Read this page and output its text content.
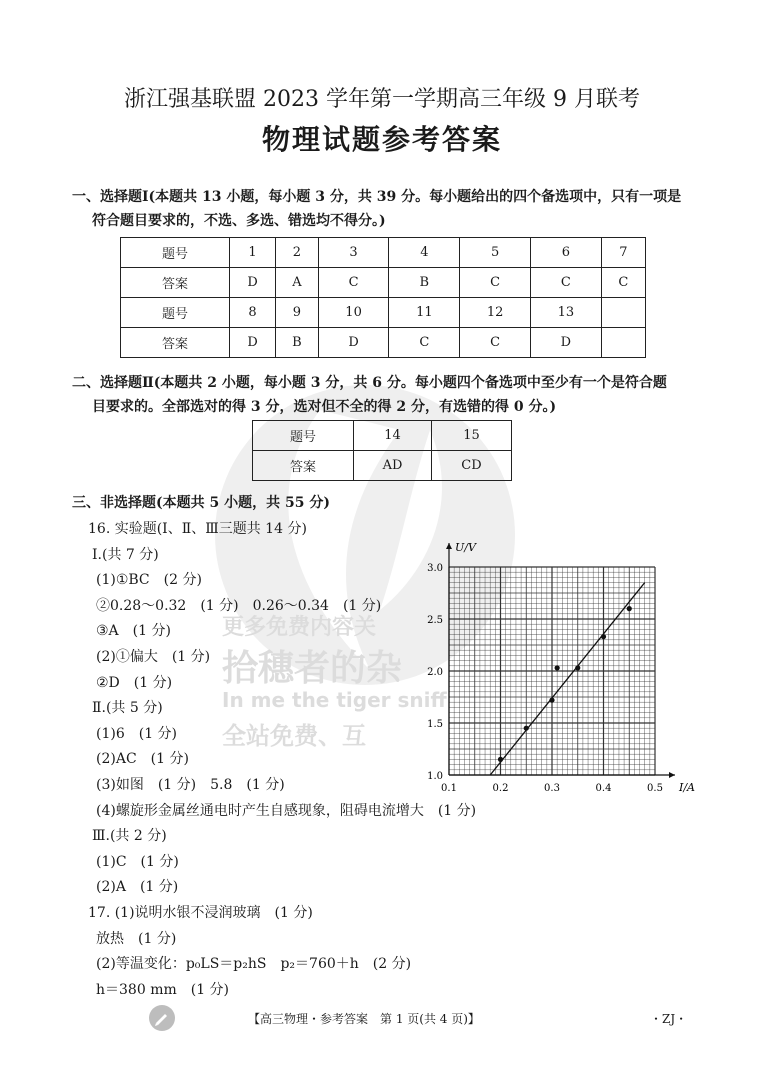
更多免费内容关
拾穗者的杂
In me the tiger sniff
全站免费、互
浙江强基联盟 2023 学年第一学期高三年级 9 月联考
物理试题参考答案
一、选择题Ⅰ(本题共 13 小题，每小题 3 分，共 39 分。每小题给出的四个备选项中，只有一项是
符合题目要求的，不选、多选、错选均不得分。)
题号	1	2	3	4	5	6	7
答案	D	A	C	B	C	C	C
题号	8	9	10	11	12	13	
答案	D	B	D	C	C	D	
二、选择题Ⅱ(本题共 2 小题，每小题 3 分，共 6 分。每小题四个备选项中至少有一个是符合题
目要求的。全部选对的得 3 分，选对但不全的得 2 分，有选错的得 0 分。)
题号	14	15
答案	AD	CD
三、非选择题(本题共 5 小题，共 55 分)
16. 实验题(Ⅰ、Ⅱ、Ⅲ三题共 14 分)
Ⅰ.(共 7 分)
(1)①BC　(2 分)
②0.28～0.32　(1 分)　0.26～0.34　(1 分)
③A　(1 分)
(2)①偏大　(1 分)
②D　(1 分)
Ⅱ.(共 5 分)
(1)6　(1 分)
(2)AC　(1 分)
(3)如图　(1 分)　5.8　(1 分)
(4)螺旋形金属丝通电时产生自感现象，阻碍电流增大　(1 分)
Ⅲ.(共 2 分)
(1)C　(1 分)
(2)A　(1 分)
17. (1)说明水银不浸润玻璃　(1 分)
放热　(1 分)
(2)等温变化：p₀LS＝p₂hS　p₂＝760＋h　(2 分)
h＝380 mm　(1 分)
I/A
U/V
0.1	0.2	0.3	0.4	0.5
1.0
1.5
2.0
2.5
3.0
【高三物理・参考答案　第 1 页(共 4 页)】	・ZJ・
